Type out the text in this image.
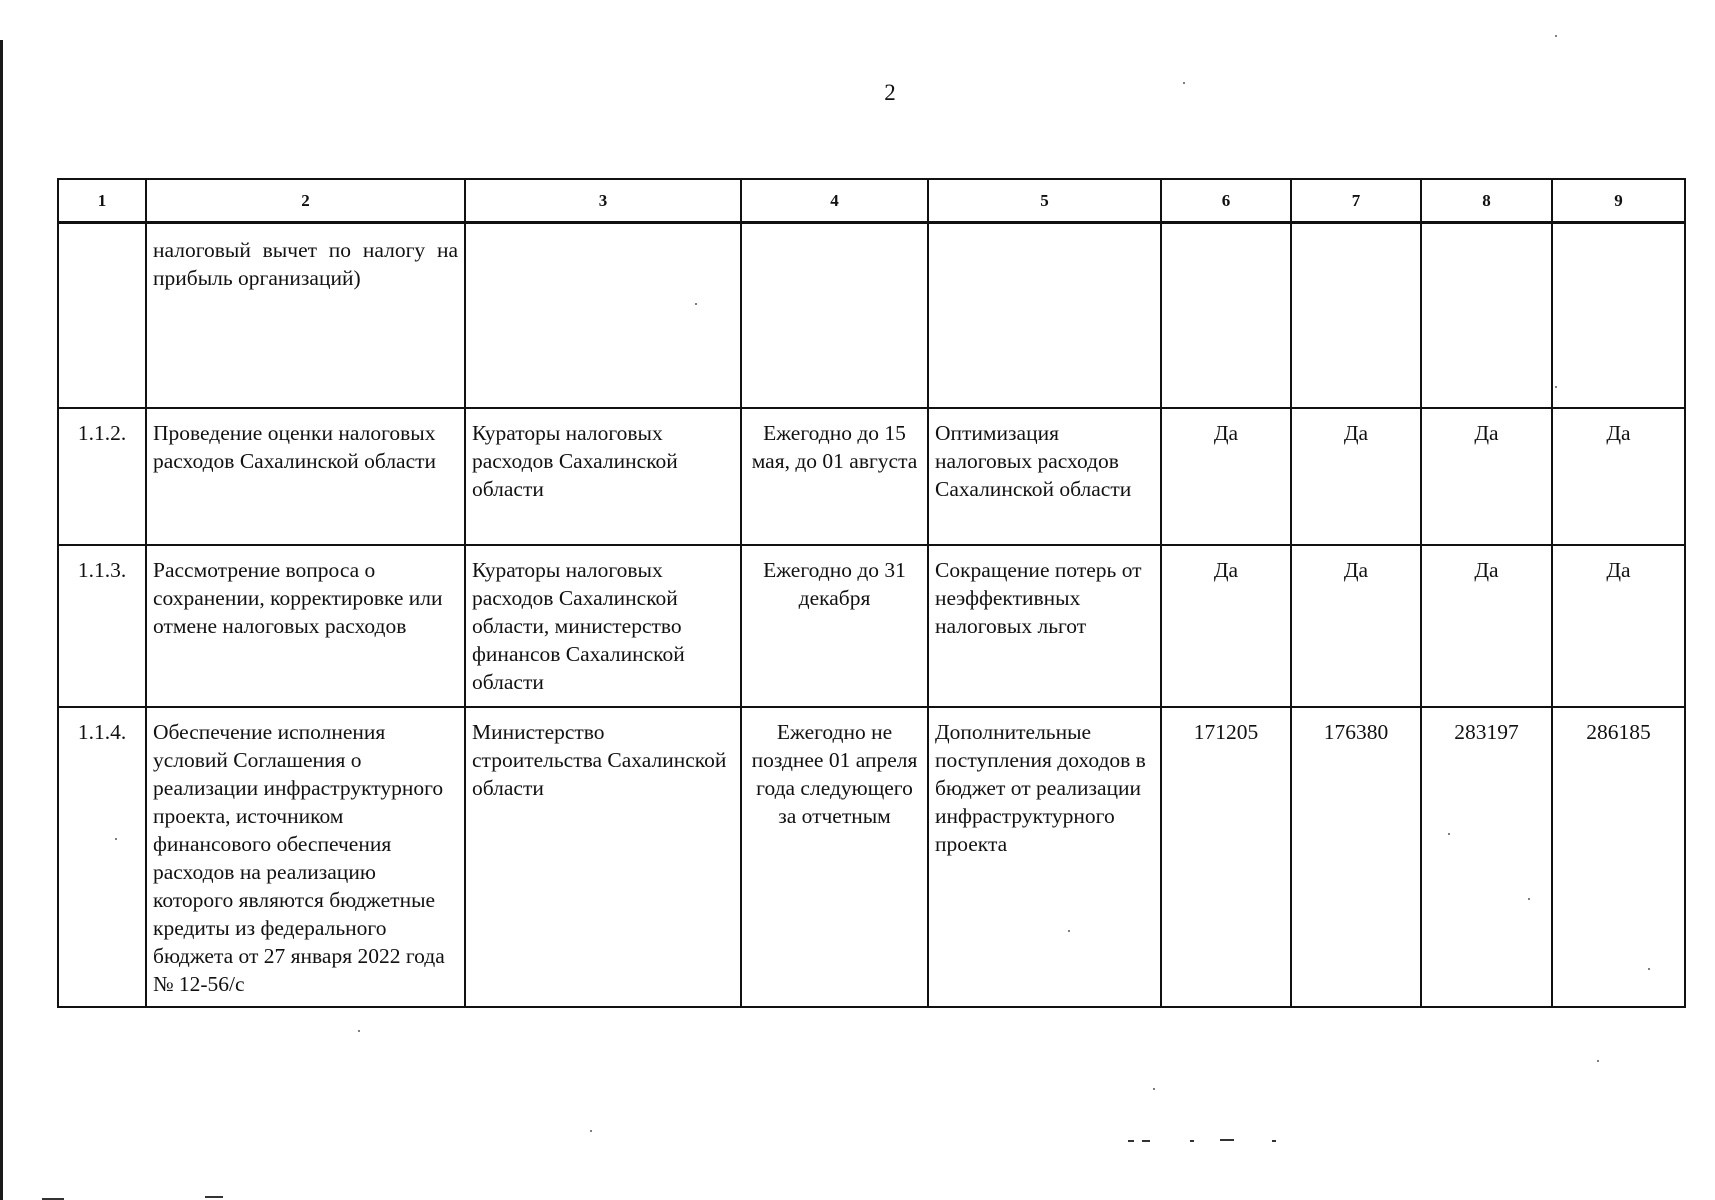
2
1	2	3	4	5	6	7	8	9
	налоговый вычет по налогу на прибыль организаций)							
1.1.2.	Проведение оценки налоговых расходов Сахалинской области	Кураторы налоговых расходов Сахалинской области	Ежегодно до 15 мая, до 01 августа	Оптимизация налоговых расходов Сахалинской области	Да	Да	Да	Да
1.1.3.	Рассмотрение вопроса о сохранении, корректировке или отмене налоговых расходов	Кураторы налоговых расходов Сахалинской области, министерство финансов Сахалинской области	Ежегодно до 31 декабря	Сокращение потерь от неэффективных налоговых льгот	Да	Да	Да	Да
1.1.4.	Обеспечение исполнения условий Соглашения о реализации инфраструктурного проекта, источником финансового обеспечения расходов на реализацию которого являются бюджетные кредиты из федерального бюджета от 27 января 2022 года № 12-56/с	Министерство строительства Сахалинской области	Ежегодно не позднее 01 апреля года следующего за отчетным	Дополнительные поступления доходов в бюджет от реализации инфраструктурного проекта	171205	176380	283197	286185
